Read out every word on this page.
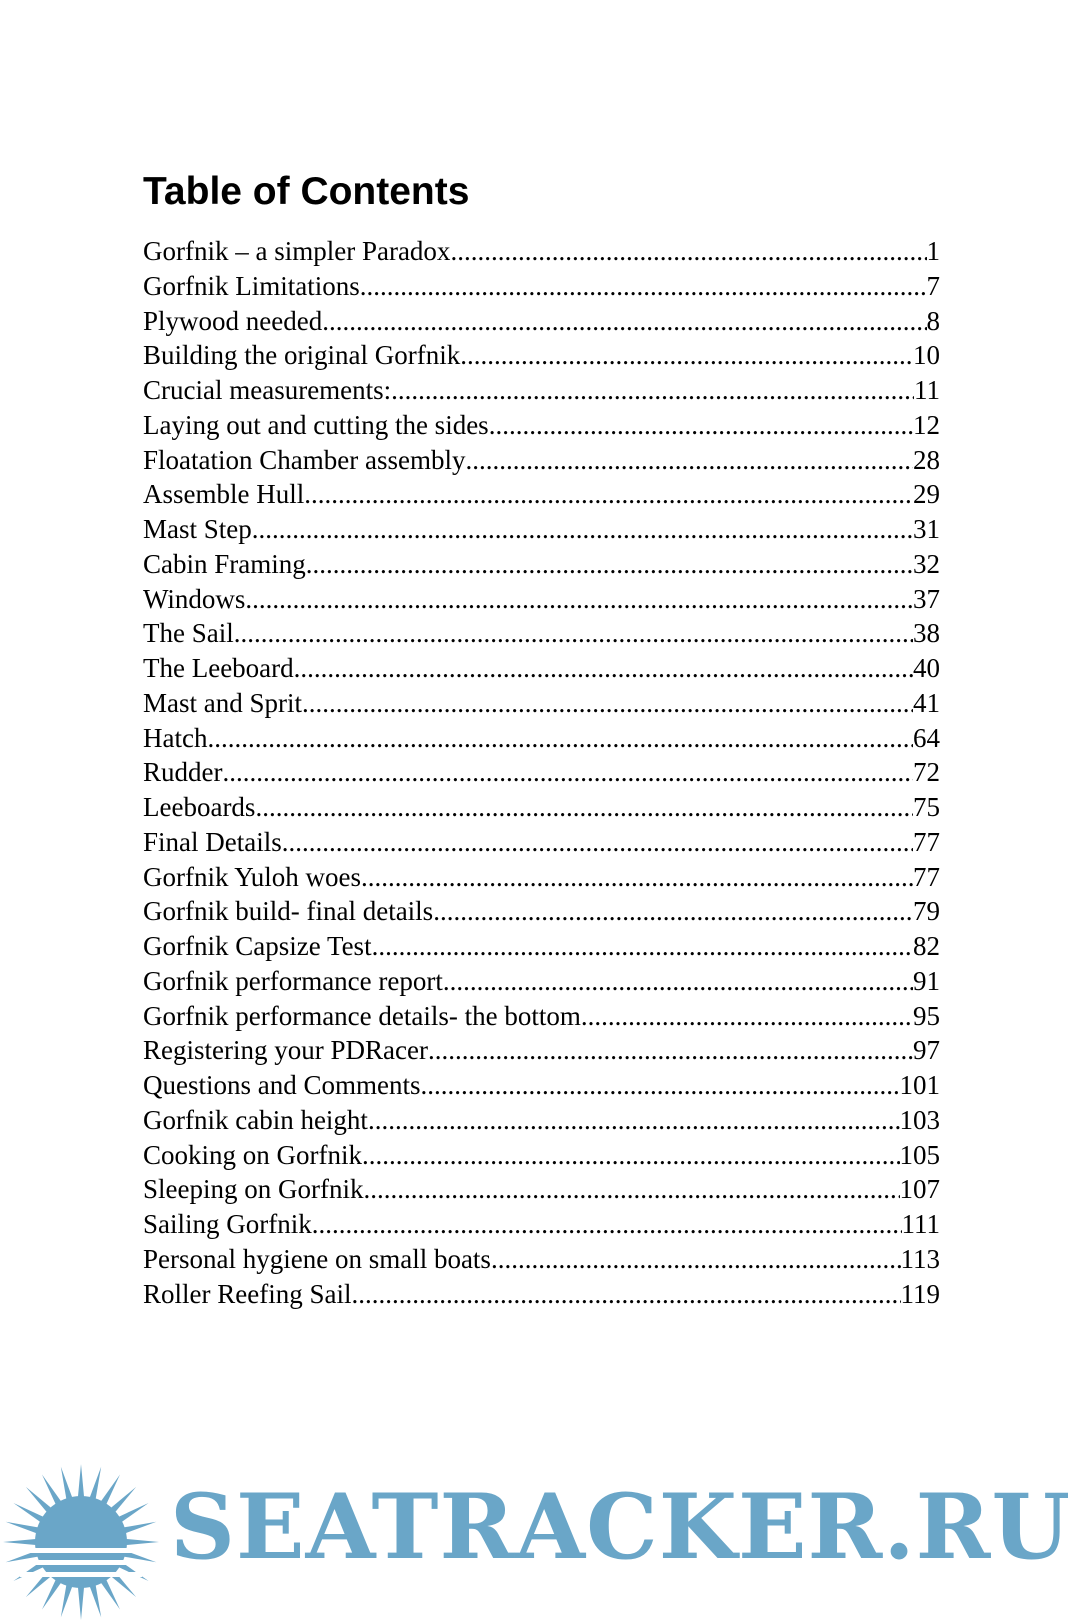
Table of Contents
Gorfnik – a simpler Paradox .....	1
Gorfnik Limitations .....	7
Plywood needed .....	8
Building the original Gorfnik .....	10
Crucial measurements: .....	11
Laying out and cutting the sides .....	12
Floatation Chamber assembly .....	28
Assemble Hull .....	29
Mast Step .....	31
Cabin Framing .....	32
Windows .....	37
The Sail .....	38
The Leeboard .....	40
Mast and Sprit .....	41
Hatch .....	64
Rudder .....	72
Leeboards .....	75
Final Details .....	77
Gorfnik Yuloh woes .....	77
Gorfnik build- final details .....	79
Gorfnik Capsize Test .....	82
Gorfnik performance report .....	91
Gorfnik performance details- the bottom .....	95
Registering your PDRacer .....	97
Questions and Comments .....	101
Gorfnik cabin height .....	103
Cooking on Gorfnik .....	105
Sleeping on Gorfnik .....	107
Sailing Gorfnik .....	111
Personal hygiene on small boats .....	113
Roller Reefing Sail .....	119
SEATRACKER.RU
